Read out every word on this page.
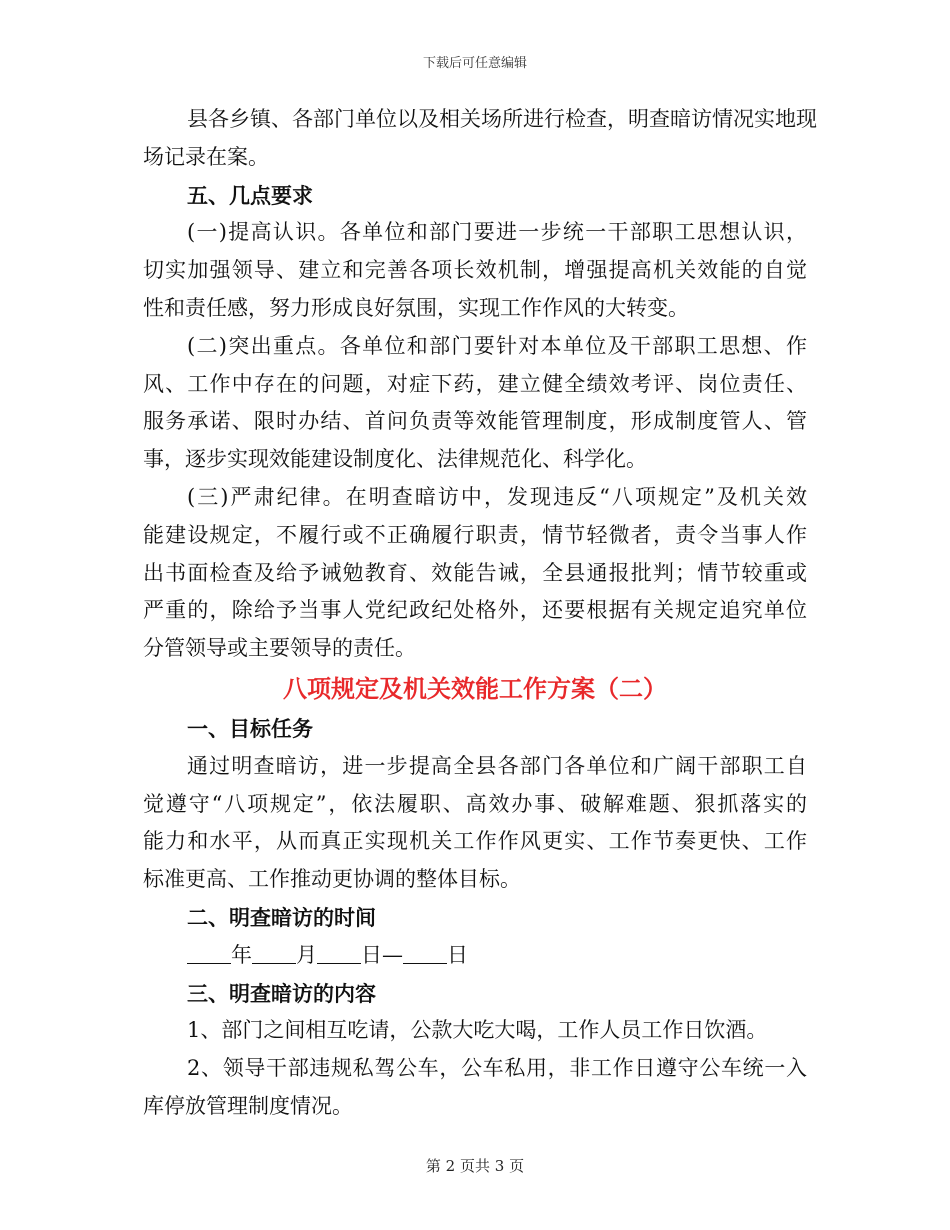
下载后可任意编辑
县各乡镇、各部门单位以及相关场所进行检查，明查暗访情况实地现
场记录在案。
五、几点要求
(一)提高认识。各单位和部门要进一步统一干部职工思想认识，
切实加强领导、建立和完善各项长效机制，增强提高机关效能的自觉
性和责任感，努力形成良好氛围，实现工作作风的大转变。
(二)突出重点。各单位和部门要针对本单位及干部职工思想、作
风、工作中存在的问题，对症下药，建立健全绩效考评、岗位责任、
服务承诺、限时办结、首问负责等效能管理制度，形成制度管人、管
事，逐步实现效能建设制度化、法律规范化、科学化。
(三)严肃纪律。在明查暗访中，发现违反“八项规定”及机关效
能建设规定，不履行或不正确履行职责，情节轻微者，责令当事人作
出书面检查及给予诫勉教育、效能告诫，全县通报批判；情节较重或
严重的，除给予当事人党纪政纪处格外，还要根据有关规定追究单位
分管领导或主要领导的责任。
八项规定及机关效能工作方案（二）
一、目标任务
通过明查暗访，进一步提高全县各部门各单位和广阔干部职工自
觉遵守“八项规定”，依法履职、高效办事、破解难题、狠抓落实的
能力和水平，从而真正实现机关工作作风更实、工作节奏更快、工作
标准更高、工作推动更协调的整体目标。
二、明查暗访的时间
年 月 日— 日
三、明查暗访的内容
1、部门之间相互吃请，公款大吃大喝，工作人员工作日饮酒。
2、领导干部违规私驾公车，公车私用，非工作日遵守公车统一入
库停放管理制度情况。
第 2 页共 3 页
